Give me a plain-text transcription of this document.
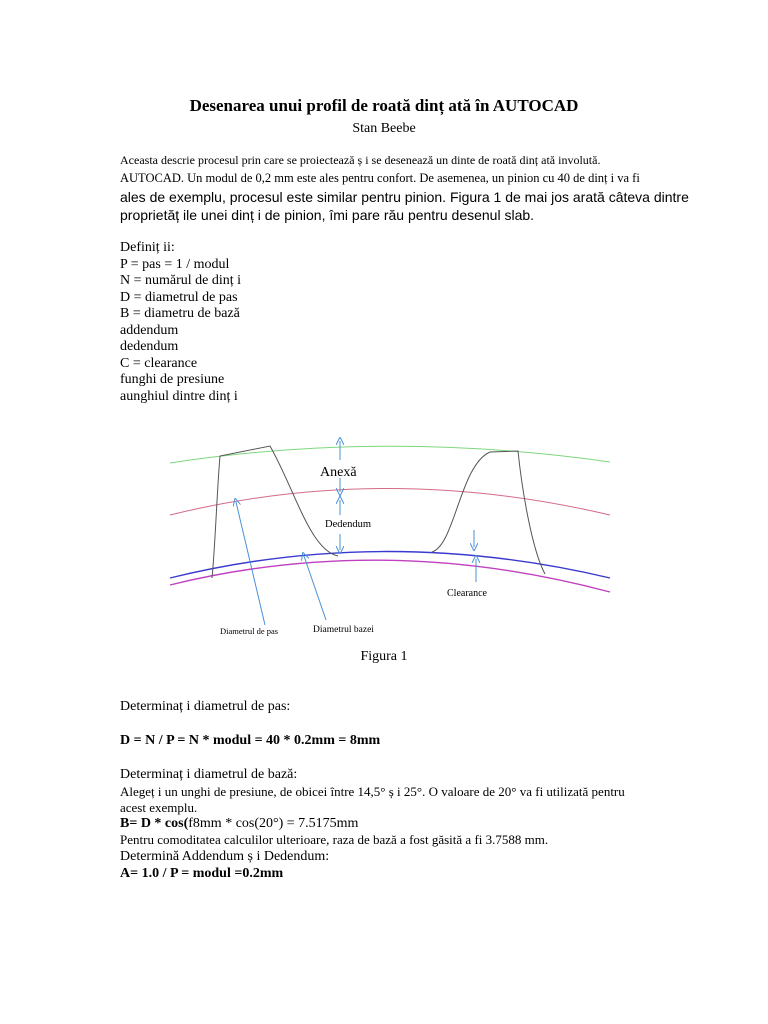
Desenarea unui profil de roată dinț ată în AUTOCAD
Stan Beebe
Aceasta descrie procesul prin care se proiectează ș i se desenează un dinte de roată dinț ată involută.
AUTOCAD. Un modul de 0,2 mm este ales pentru confort. De asemenea, un pinion cu 40 de dinț i va fi
ales de exemplu, procesul este similar pentru pinion. Figura 1 de mai jos arată câteva dintre
proprietăț ile unei dinț i de pinion, îmi pare rău pentru desenul slab.
Definiț ii:
P = pas = 1 / modul
N = numărul de dinț i
D = diametrul de pas
B = diametru de bază
addendum
dedendum
C = clearance
funghi de presiune
aunghiul dintre dinț i
Anexă
Dedendum
Clearance
Diametrul de pas	Diametrul bazei
Figura 1
Determinaț i diametrul de pas:
D = N / P = N * modul = 40 * 0.2mm = 8mm
Determinaț i diametrul de bază:
Alegeț i un unghi de presiune, de obicei între 14,5° ș i 25°. O valoare de 20° va fi utilizată pentru
acest exemplu.
B= D * cos(f8mm * cos(20°) = 7.5175mm
Pentru comoditatea calculilor ulterioare, raza de bază a fost găsită a fi 3.7588 mm.
Determină Addendum ș i Dedendum:
A= 1.0 / P = modul =0.2mm
